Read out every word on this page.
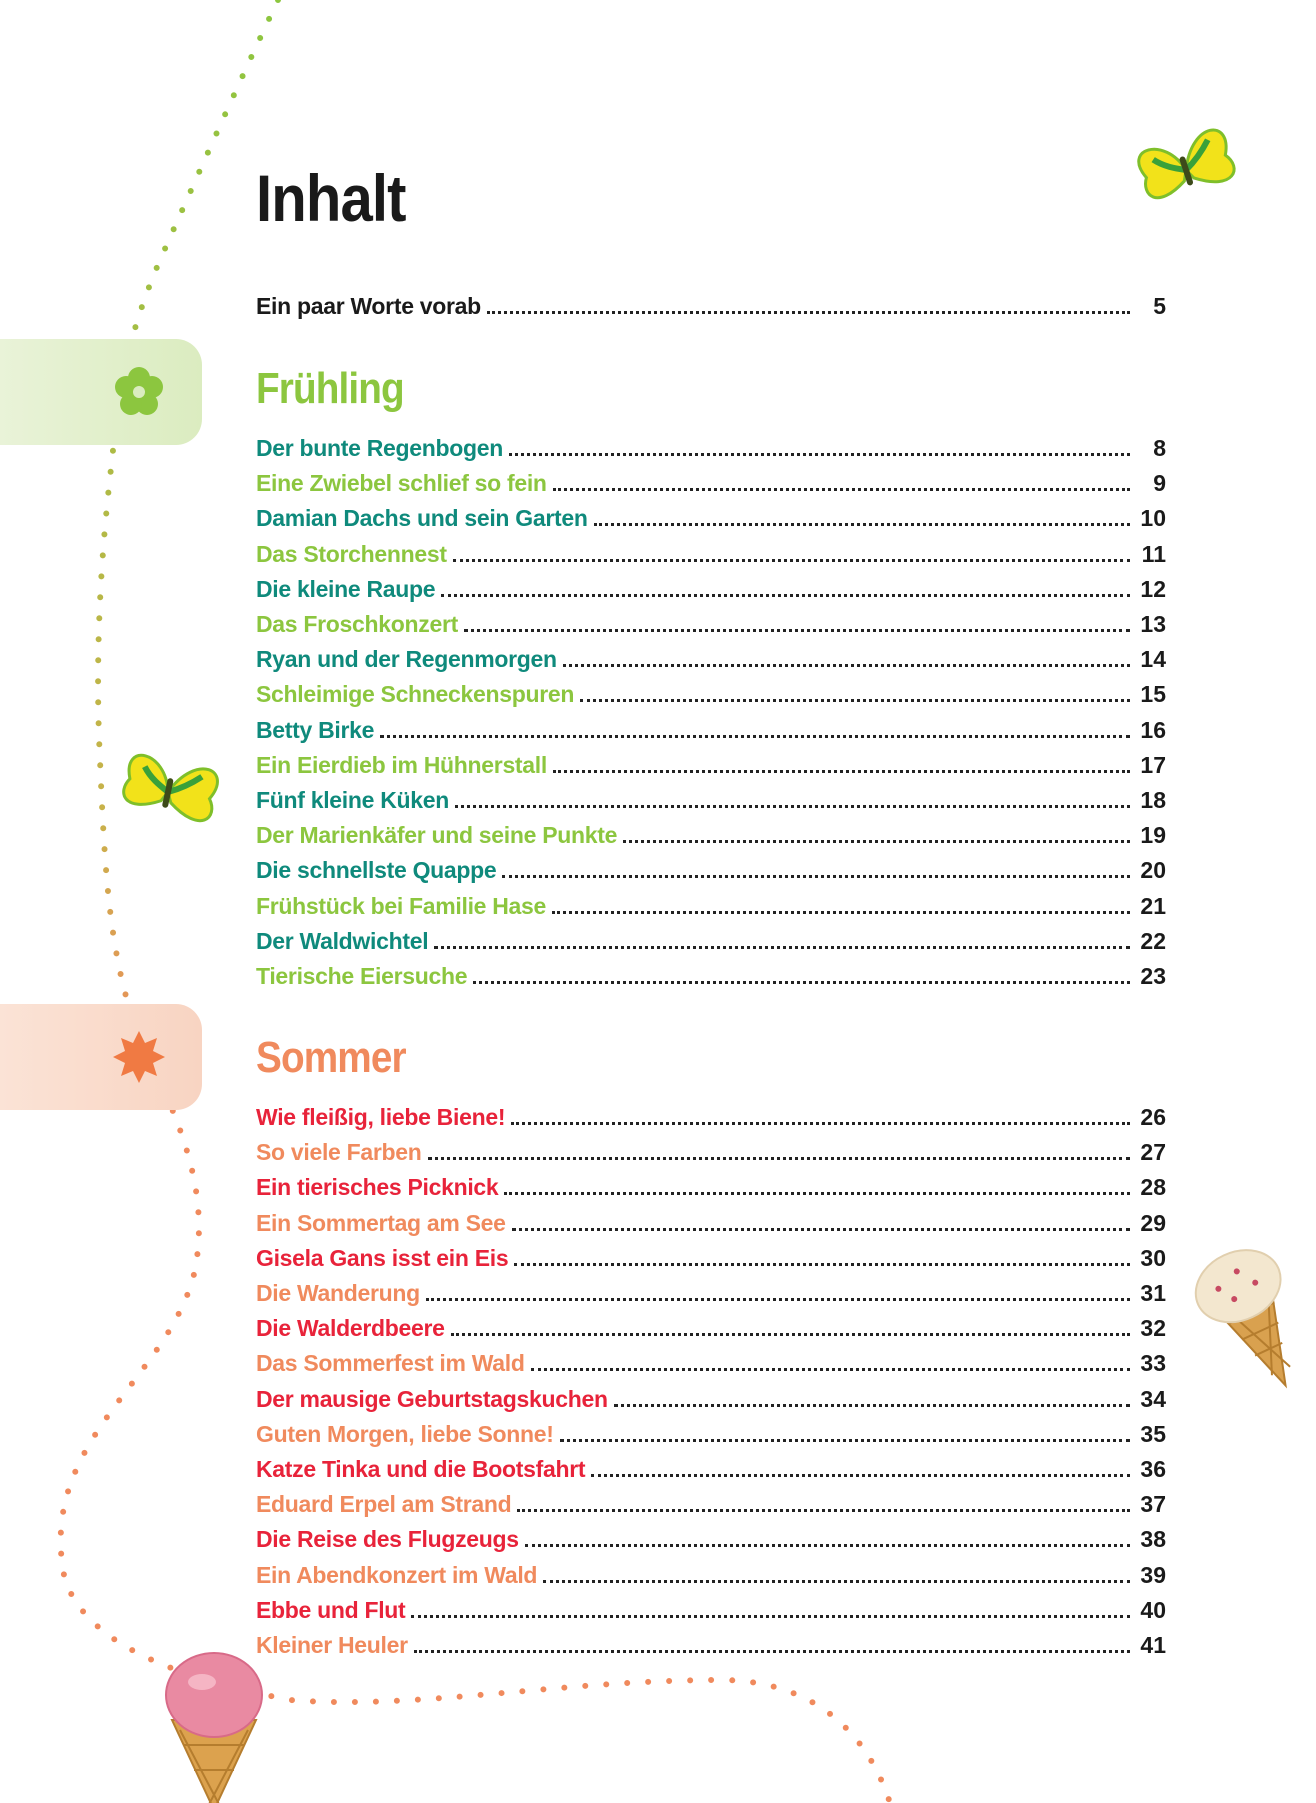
Inhalt
Ein paar Worte vorab	5
Frühling
Der bunte Regenbogen	8
Eine Zwiebel schlief so fein	9
Damian Dachs und sein Garten	10
Das Storchennest	11
Die kleine Raupe	12
Das Froschkonzert	13
Ryan und der Regenmorgen	14
Schleimige Schneckenspuren	15
Betty Birke	16
Ein Eierdieb im Hühnerstall	17
Fünf kleine Küken	18
Der Marienkäfer und seine Punkte	19
Die schnellste Quappe	20
Frühstück bei Familie Hase	21
Der Waldwichtel	22
Tierische Eiersuche	23
Sommer
Wie fleißig, liebe Biene!	26
So viele Farben	27
Ein tierisches Picknick	28
Ein Sommertag am See	29
Gisela Gans isst ein Eis	30
Die Wanderung	31
Die Walderdbeere	32
Das Sommerfest im Wald	33
Der mausige Geburtstagskuchen	34
Guten Morgen, liebe Sonne!	35
Katze Tinka und die Bootsfahrt	36
Eduard Erpel am Strand	37
Die Reise des Flugzeugs	38
Ein Abendkonzert im Wald	39
Ebbe und Flut	40
Kleiner Heuler	41
